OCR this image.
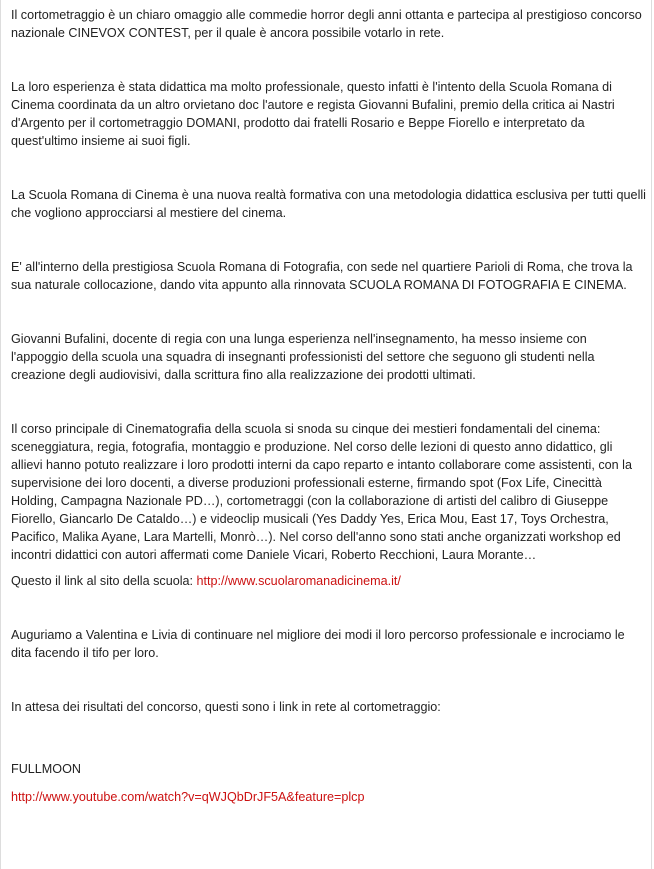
Il cortometraggio è un chiaro omaggio alle commedie horror degli anni ottanta e partecipa al prestigioso concorso nazionale CINEVOX CONTEST, per il quale è ancora possibile votarlo in rete.

La loro esperienza è stata didattica ma molto professionale, questo infatti è l'intento della Scuola Romana di Cinema coordinata da un altro orvietano doc l'autore e regista Giovanni Bufalini, premio della critica ai Nastri d'Argento per il cortometraggio DOMANI, prodotto dai fratelli Rosario e Beppe Fiorello e interpretato da quest'ultimo insieme ai suoi figli.

La Scuola Romana di Cinema è una nuova realtà formativa con una metodologia didattica esclusiva per tutti quelli che vogliono approcciarsi al mestiere del cinema.

E' all'interno della prestigiosa Scuola Romana di Fotografia, con sede nel quartiere Parioli di Roma, che trova la sua naturale collocazione, dando vita appunto alla rinnovata SCUOLA ROMANA DI FOTOGRAFIA E CINEMA.

Giovanni Bufalini, docente di regia con una lunga esperienza nell'insegnamento, ha messo insieme con l'appoggio della scuola una squadra di insegnanti professionisti del settore che seguono gli studenti nella creazione degli audiovisivi, dalla scrittura fino alla realizzazione dei prodotti ultimati.

Il corso principale di Cinematografia della scuola si snoda su cinque dei mestieri fondamentali del cinema: sceneggiatura, regia, fotografia, montaggio e produzione. Nel corso delle lezioni di questo anno didattico, gli allievi hanno potuto realizzare i loro prodotti interni da capo reparto e intanto collaborare come assistenti, con la supervisione dei loro docenti, a diverse produzioni professionali esterne, firmando spot (Fox Life, Cinecittà Holding, Campagna Nazionale PD…), cortometraggi (con la collaborazione di artisti del calibro di Giuseppe Fiorello, Giancarlo De Cataldo…) e videoclip musicali (Yes Daddy Yes, Erica Mou, East 17, Toys Orchestra, Pacifico, Malika Ayane, Lara Martelli, Monrò…). Nel corso dell'anno sono stati anche organizzati workshop ed incontri didattici con autori affermati come Daniele Vicari, Roberto Recchioni, Laura Morante…

Questo il link al sito della scuola: http://www.scuolaromanadicinema.it/

Auguriamo a Valentina e Livia di continuare nel migliore dei modi il loro percorso professionale e incrociamo le dita facendo il tifo per loro.

In attesa dei risultati del concorso, questi sono i link in rete al cortometraggio:

FULLMOON

http://www.youtube.com/watch?v=qWJQbDrJF5A&feature=plcp
